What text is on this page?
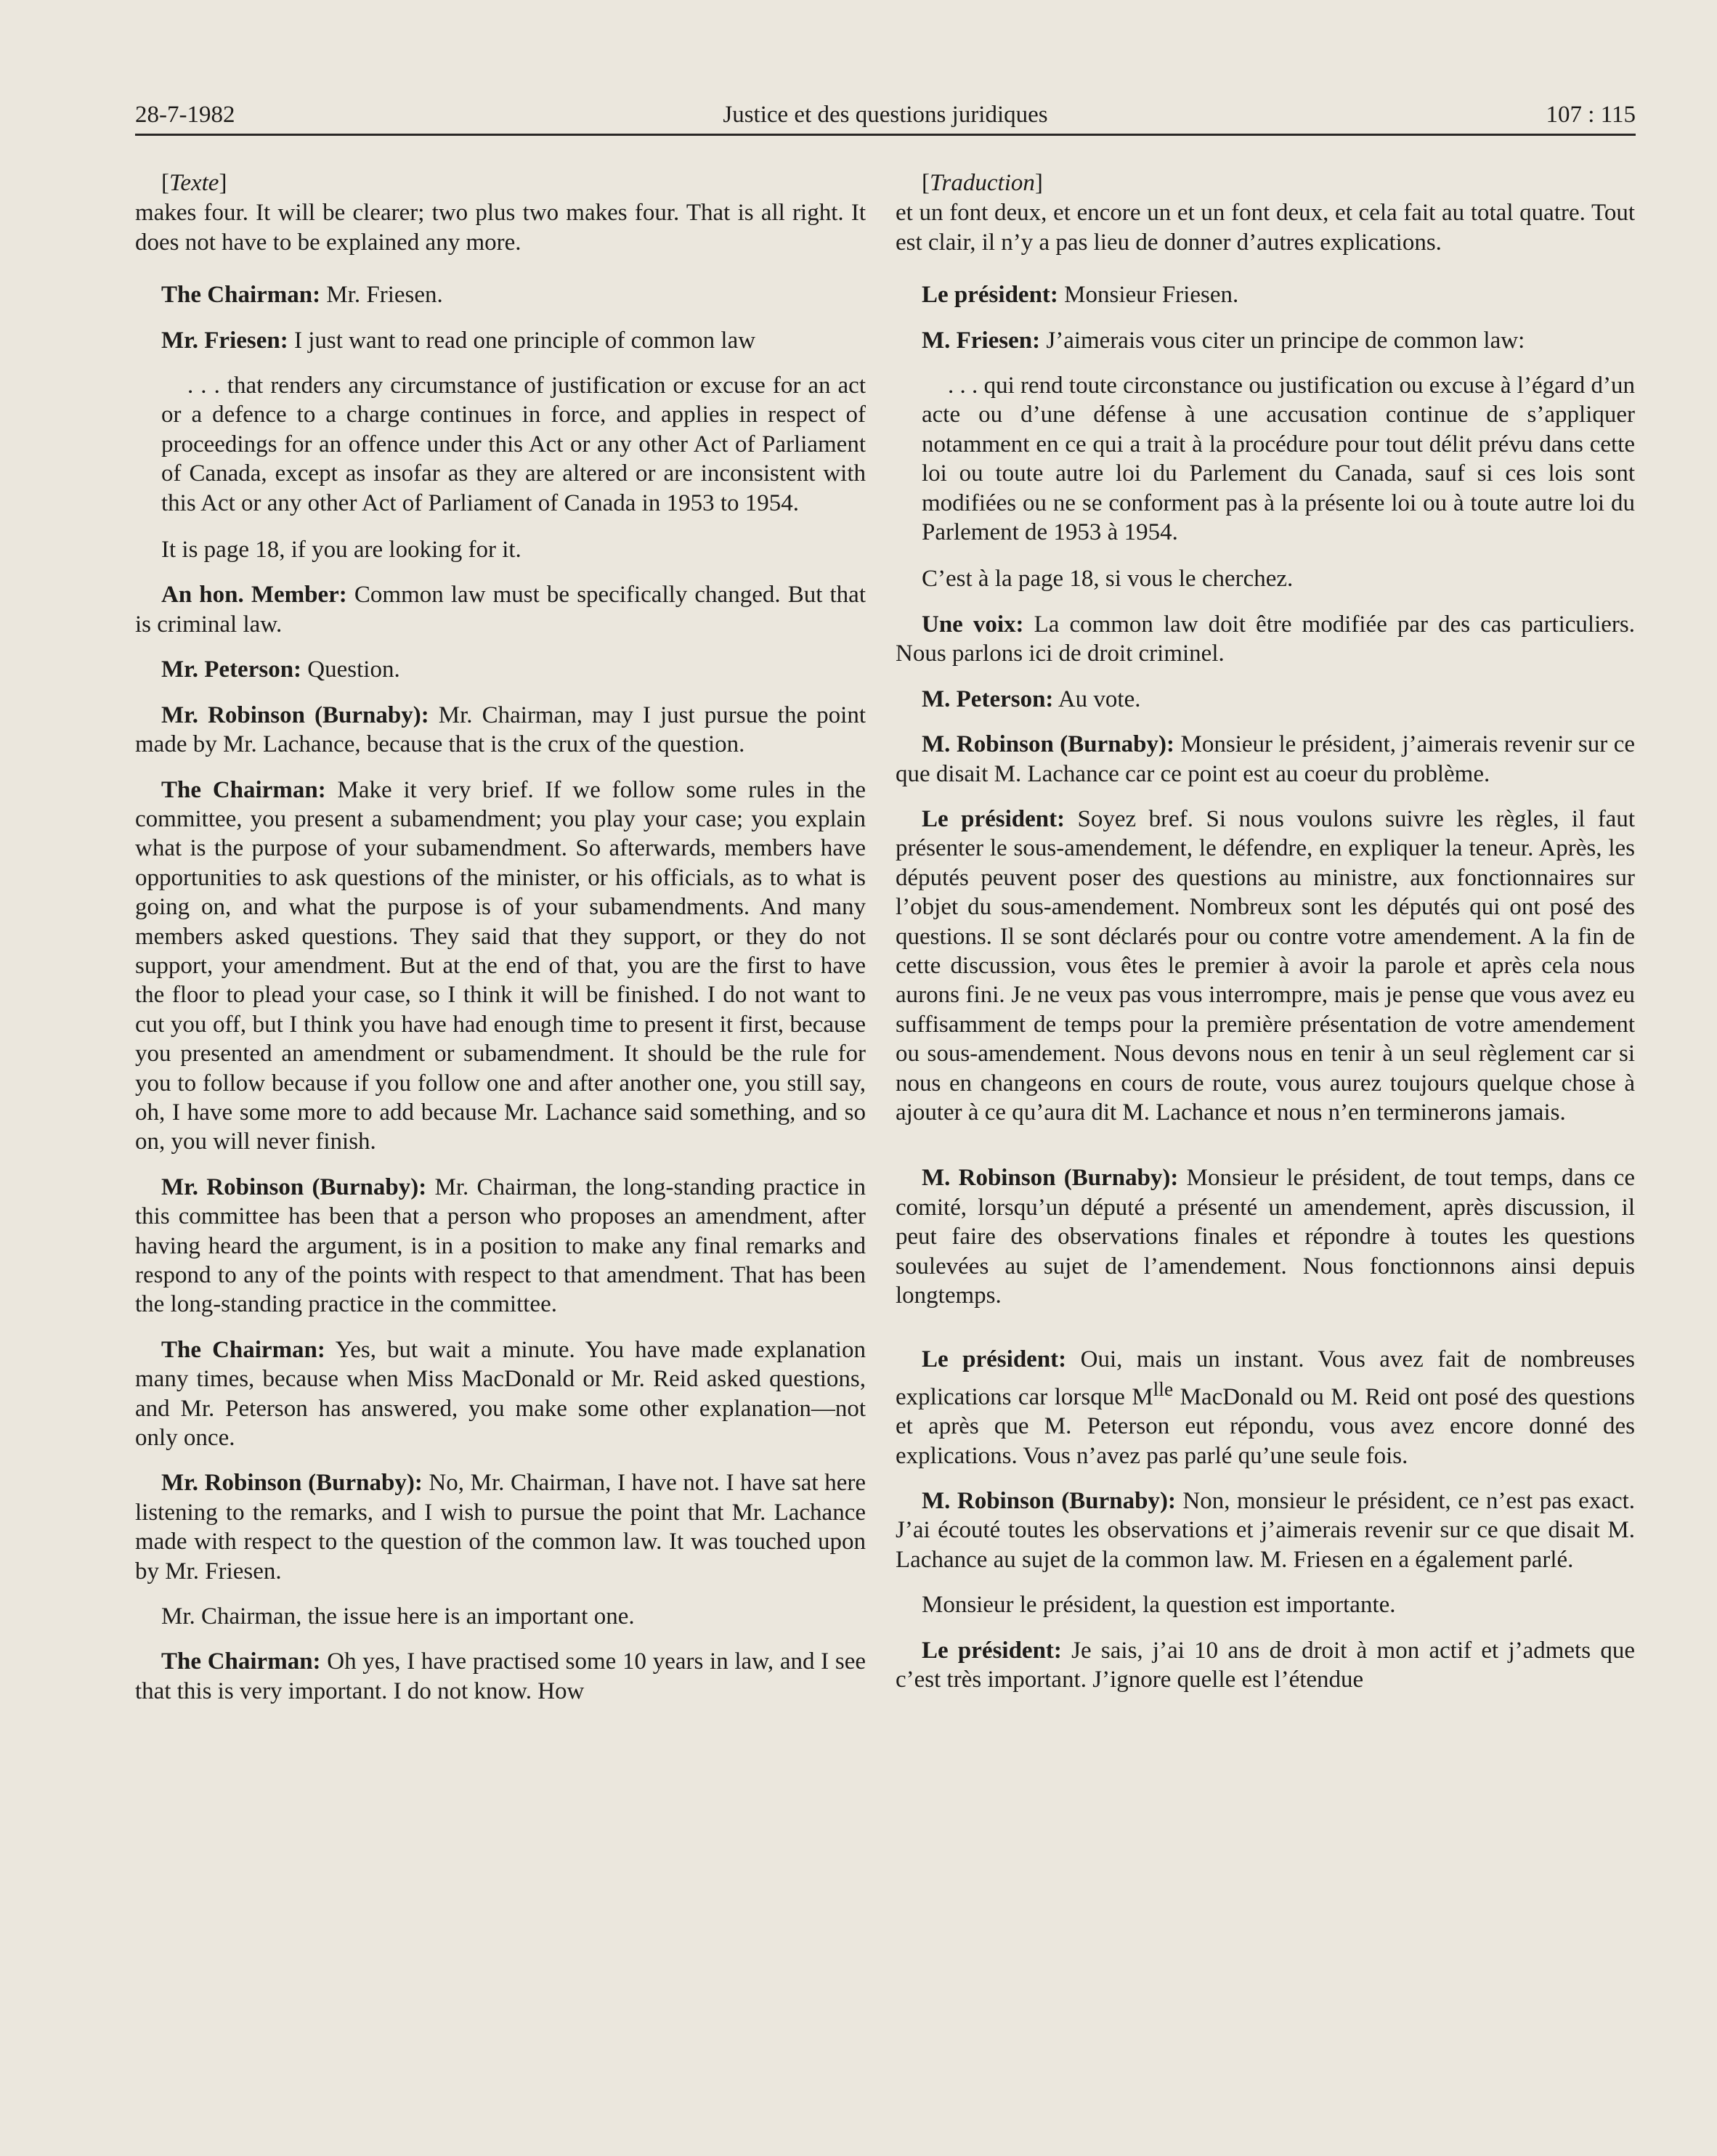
28-7-1982	Justice et des questions juridiques	107 : 115

[Texte]

makes four. It will be clearer; two plus two makes four. That is all right. It does not have to be explained any more.

The Chairman: Mr. Friesen.

Mr. Friesen: I just want to read one principle of common law

. . . that renders any circumstance of justification or excuse for an act or a defence to a charge continues in force, and applies in respect of proceedings for an offence under this Act or any other Act of Parliament of Canada, except as insofar as they are altered or are inconsistent with this Act or any other Act of Parliament of Canada in 1953 to 1954.

It is page 18, if you are looking for it.

An hon. Member: Common law must be specifically changed. But that is criminal law.

Mr. Peterson: Question.

Mr. Robinson (Burnaby): Mr. Chairman, may I just pursue the point made by Mr. Lachance, because that is the crux of the question.

The Chairman: Make it very brief. If we follow some rules in the committee, you present a subamendment; you play your case; you explain what is the purpose of your subamendment. So afterwards, members have opportunities to ask questions of the minister, or his officials, as to what is going on, and what the purpose is of your subamendments. And many members asked questions. They said that they support, or they do not support, your amendment. But at the end of that, you are the first to have the floor to plead your case, so I think it will be finished. I do not want to cut you off, but I think you have had enough time to present it first, because you presented an amendment or subamendment. It should be the rule for you to follow because if you follow one and after another one, you still say, oh, I have some more to add because Mr. Lachance said something, and so on, you will never finish.

Mr. Robinson (Burnaby): Mr. Chairman, the long-standing practice in this committee has been that a person who proposes an amendment, after having heard the argument, is in a position to make any final remarks and respond to any of the points with respect to that amendment. That has been the long-standing practice in the committee.

The Chairman: Yes, but wait a minute. You have made explanation many times, because when Miss MacDonald or Mr. Reid asked questions, and Mr. Peterson has answered, you make some other explanation—not only once.

Mr. Robinson (Burnaby): No, Mr. Chairman, I have not. I have sat here listening to the remarks, and I wish to pursue the point that Mr. Lachance made with respect to the question of the common law. It was touched upon by Mr. Friesen.

Mr. Chairman, the issue here is an important one.

The Chairman: Oh yes, I have practised some 10 years in law, and I see that this is very important. I do not know. How

[Traduction]

et un font deux, et encore un et un font deux, et cela fait au total quatre. Tout est clair, il n’y a pas lieu de donner d’autres explications.

Le président: Monsieur Friesen.

M. Friesen: J’aimerais vous citer un principe de common law:

. . . qui rend toute circonstance ou justification ou excuse à l’égard d’un acte ou d’une défense à une accusation continue de s’appliquer notamment en ce qui a trait à la procédure pour tout délit prévu dans cette loi ou toute autre loi du Parlement du Canada, sauf si ces lois sont modifiées ou ne se conforment pas à la présente loi ou à toute autre loi du Parlement de 1953 à 1954.

C’est à la page 18, si vous le cherchez.

Une voix: La common law doit être modifiée par des cas particuliers. Nous parlons ici de droit criminel.

M. Peterson: Au vote.

M. Robinson (Burnaby): Monsieur le président, j’aimerais revenir sur ce que disait M. Lachance car ce point est au coeur du problème.

Le président: Soyez bref. Si nous voulons suivre les règles, il faut présenter le sous-amendement, le défendre, en expliquer la teneur. Après, les députés peuvent poser des questions au ministre, aux fonctionnaires sur l’objet du sous-amendement. Nombreux sont les députés qui ont posé des questions. Il se sont déclarés pour ou contre votre amendement. A la fin de cette discussion, vous êtes le premier à avoir la parole et après cela nous aurons fini. Je ne veux pas vous interrompre, mais je pense que vous avez eu suffisamment de temps pour la première présentation de votre amendement ou sous-amendement. Nous devons nous en tenir à un seul règlement car si nous en changeons en cours de route, vous aurez toujours quelque chose à ajouter à ce qu’aura dit M. Lachance et nous n’en terminerons jamais.

M. Robinson (Burnaby): Monsieur le président, de tout temps, dans ce comité, lorsqu’un député a présenté un amendement, après discussion, il peut faire des observations finales et répondre à toutes les questions soulevées au sujet de l’amendement. Nous fonctionnons ainsi depuis longtemps.

Le président: Oui, mais un instant. Vous avez fait de nombreuses explications car lorsque $M^{lle}$ MacDonald ou M. Reid ont posé des questions et après que M. Peterson eut répondu, vous avez encore donné des explications. Vous n’avez pas parlé qu’une seule fois.

M. Robinson (Burnaby): Non, monsieur le président, ce n’est pas exact. J’ai écouté toutes les observations et j’aimerais revenir sur ce que disait M. Lachance au sujet de la common law. M. Friesen en a également parlé.

Monsieur le président, la question est importante.

Le président: Je sais, j’ai 10 ans de droit à mon actif et j’admets que c’est très important. J’ignore quelle est l’étendue
